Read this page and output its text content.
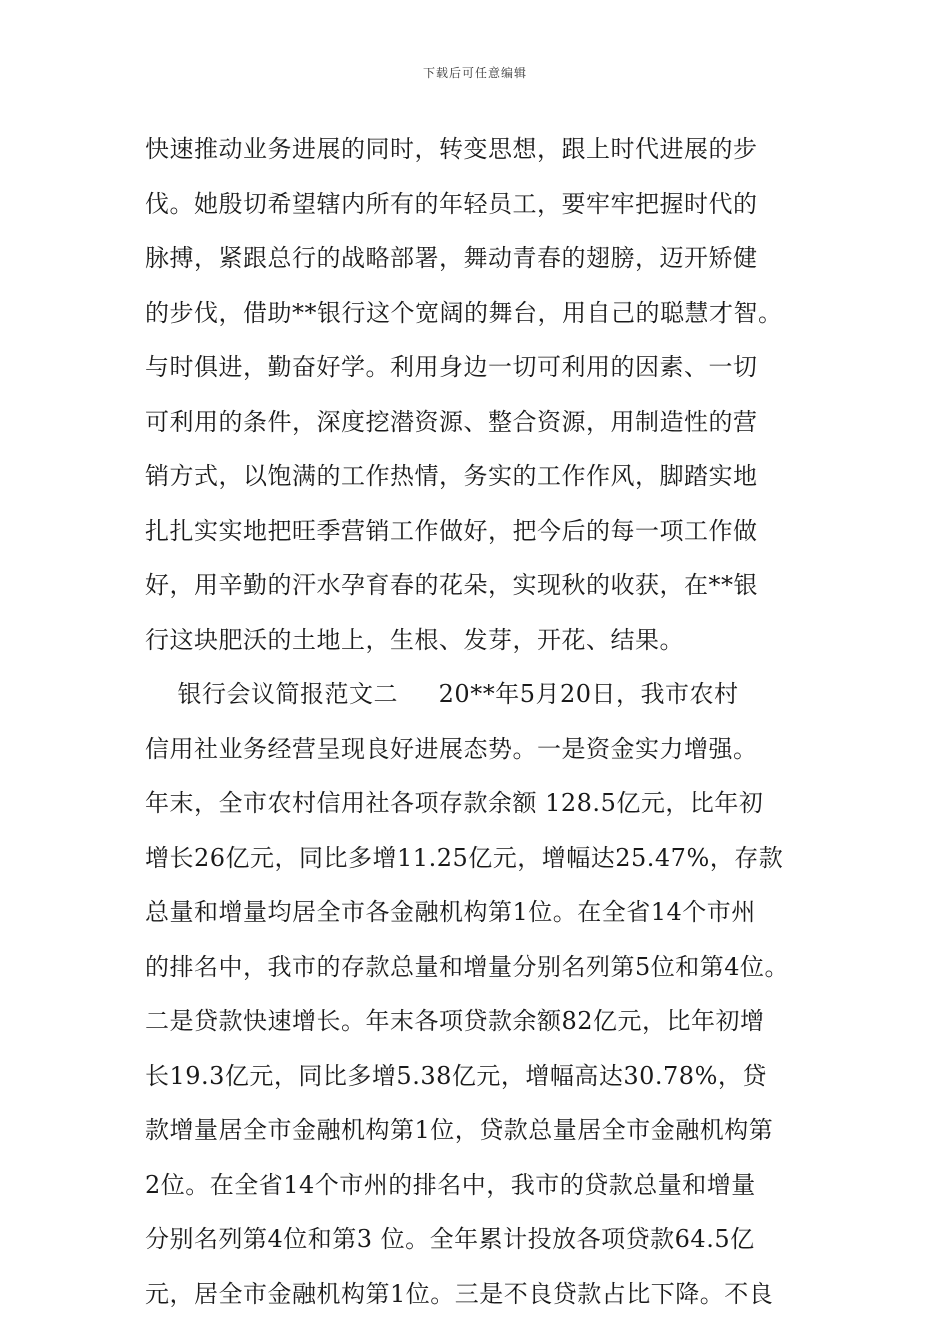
下载后可任意编辑
快速推动业务进展的同时，转变思想，跟上时代进展的步
伐。她殷切希望辖内所有的年轻员工，要牢牢把握时代的
脉搏，紧跟总行的战略部署，舞动青春的翅膀，迈开矫健
的步伐，借助**银行这个宽阔的舞台，用自己的聪慧才智。
与时俱进，勤奋好学。利用身边一切可利用的因素、一切
可利用的条件，深度挖潜资源、整合资源，用制造性的营
销方式，以饱满的工作热情，务实的工作作风，脚踏实地
扎扎实实地把旺季营销工作做好，把今后的每一项工作做
好，用辛勤的汗水孕育春的花朵，实现秋的收获，在**银
行这块肥沃的土地上，生根、发芽，开花、结果。
银行会议简报范文二     20**年5月20日，我市农村
信用社业务经营呈现良好进展态势。一是资金实力增强。
年末，全市农村信用社各项存款余额 128.5亿元，比年初
增长26亿元，同比多增11.25亿元，增幅达25.47%，存款
总量和增量均居全市各金融机构第1位。在全省14个市州
的排名中，我市的存款总量和增量分别名列第5位和第4位。
二是贷款快速增长。年末各项贷款余额82亿元，比年初增
长19.3亿元，同比多增5.38亿元，增幅高达30.78%，贷
款增量居全市金融机构第1位，贷款总量居全市金融机构第
2位。在全省14个市州的排名中，我市的贷款总量和增量
分别名列第4位和第3 位。全年累计投放各项贷款64.5亿
元，居全市金融机构第1位。三是不良贷款占比下降。不良
